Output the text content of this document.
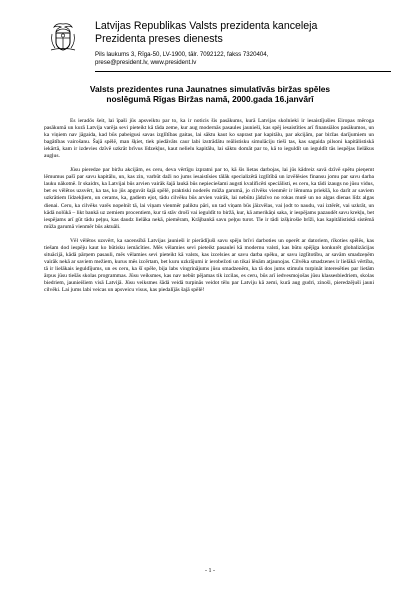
Latvijas Republikas Valsts prezidenta kanceleja
Prezidenta preses dienests
Pils laukums 3, Rīga-50, LV-1900, tālr. 7092122, fakss 7320404,
prese@president.lv, www.president.lv
Valsts prezidentes runa Jaunatnes simulatīvās biržas spēles
noslēgumā Rīgas Biržas namā, 2000.gada 16.janvārī

Es ieradōs šeit, lai īpaši jūs apsveiktu par to, ka ir noticis šis pasākums, kurā Latvijas skolnieki ir iesaistījušies Eiropas mēroga pasākumā un kurā Latvija varēja sevi pieteikt kā tāda zeme, kur aug modernās pasaules jaunieši, kas spēj iesaistīties arī finansiālos pasākumos, un ka viņiem nav jāgaida, kad būs pabeigusi savas izglītības gaitas, lai sāktu kaut ko saprast par kapitālu, par akcijām, par biržas darījumiem un bagātības vairošanu. Šajā spēlē, man šķiet, tiek piedāvāts caur labi izstrādātu reālistisku simulāciju tieši tas, kas sagaida pilsoni kapitālistiskā iekārtā, kam ir izdevies dzīvē uzkrāt brīvus līdzekļus, kaut nelielu kapitālu, lai sāktu domāt par to, kā to ieguldīt un ieguldīt tās iespējas lielākus augļus.

Jūsu pieredze par biržu akcijām, es ceru, deva vērtīgu izpratni par to, kā šis lietas darbojas, lai jūs kādreiz savā dzīvē spētu pieņemt lēmumus pašī par savu kapitālu, un, kas zin, varbūt daži no jums iesaistīsies tālāk specializētā izglītībā un izvēlēsies finansu jomu par savu darba lauku nākotnē. Ir skaidrs, ka Latvijai būs arvien vairāk šajā laukā būs nepieciešami augsti kvalificēti speciālisti, es ceru, ka tādi izaugs no jūsu vidus, bet es vēlētos uzsvērt, ka tas, ko jūs apguvāt šajā spēlē, praktiski noderēs mūža garumā, jo cilvēks vienmēr ir lēmuma priekšā, ko darīt ar saviem uzkrātiem līdzekļiem, un cerams, ka, gadiem ejot, tādu cilvēku būs arvien vairāk, lai nebūtu jādzīvo no rokas mutē un no algas dienas līdz algas dienai. Ceru, ka cilvēks varēs nopelnīt tā, lai viņam vienmēr paliktu pāri, un tad viņam būs jāizvēlas, vai ļodt to naudu, vai iztērēt, vai uzkrāt, un kādā nolūkā – likt bankā uz zemiem procentiem, kur tā stāv drošī vai ieguldīt to biržā, kur, kā amerikāņi saka, ir iespējams pazaudēt savu krekļu, bet iespējams arī gūt tādu peļņu, kas daudz lielāka nekā, piemēram, Krājbankā savu peļņu turot. Tie ir tādi izšķirošie brīži, kas kapitālistiskā sistēmā mūža garumā vienmēr būs aktuāli.

Vēl vēlētos uzsvērt, ka sacensībā Latvijas jaunieši ir pierādījuši savu spēju brīvi darboties un operēt ar datoriem, rīkoties spēlēs, kas tiešam dod iespēju kaut ko būtisku iemācīties. Mēs vēlamies sevi pieteikt pasaulei kā modernu valsti, kas būtu spējīga konkurēt globalizācijas situācijā, kādā pārņem pasauli, mēs vēlamies sevi pieteikt kā valsts, kas izcelsies ar savu darba spēku, ar savu izglītotību, ar savām smadzeņēm vairāk nekā ar saviem mežiem, kurus mēs izcērtam, bet kuru uzkrājumi ir ierobežoti un tikai lēnām atjaunojas. Cilvēka smadzenes ir lielākā vērtība, tā ir lielākais ieguldījums, un es ceru, ka šī spēle, bija labs vingrinājums jūsu smadzenēm, ka tā dos jums stimulu turpināt interesēties par lietām ārpus jūsu tiešās skolas programmas. Jūsu veiksmes, kas nav nebūt pējamas tik izcilas, es ceru, būs arī iedvesmojošas jūsu klassesbiedriem, skolas biedriem, jaunieišiem visā Latvijā. Jūsu veiksmes šādā veidā turpinās veidot tēlu par Latviju kā zemi, kurā aug gudri, zinoši, pieredzējuši jauni cilvēki. Lai jums labi veicas un apsveicu visus, kas piedalījās šajā spēlē!

- 1 -
